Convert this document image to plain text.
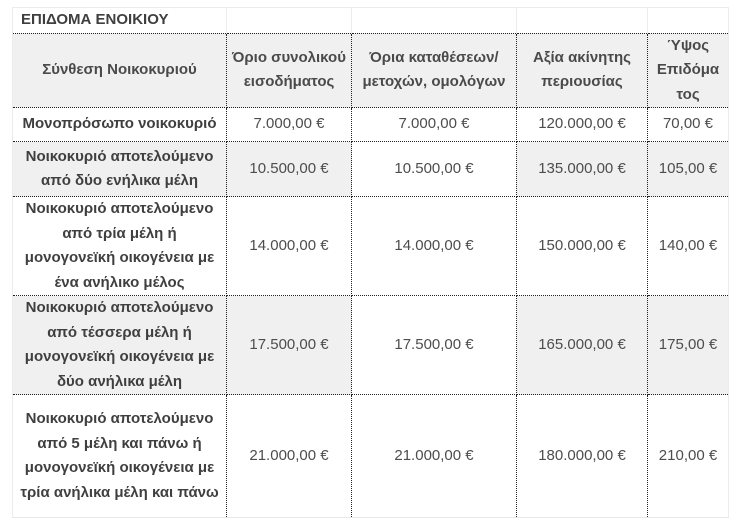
ΕΠΙΔΟΜΑ ΕΝΟΙΚΙΟΥ				
Σύνθεση Νοικοκυριού	Όριο συνολικού εισοδήματος	Όρια καταθέσεων/ μετοχών, ομολόγων	Αξία ακίνητης περιουσίας	Ύψος Επιδόμα τος
Μονοπρόσωπο νοικοκυριό	7.000,00 €	7.000,00 €	120.000,00 €	70,00 €
Νοικοκυριό αποτελούμενο από δύο ενήλικα μέλη	10.500,00 €	10.500,00 €	135.000,00 €	105,00 €
Νοικοκυριό αποτελούμενο από τρία μέλη ή μονογονεϊκή οικογένεια με ένα ανήλικο μέλος	14.000,00 €	14.000,00 €	150.000,00 €	140,00 €
Νοικοκυριό αποτελούμενο από τέσσερα μέλη ή μονογονεϊκή οικογένεια με δύο ανήλικα μέλη	17.500,00 €	17.500,00 €	165.000,00 €	175,00 €
Νοικοκυριό αποτελούμενο από 5 μέλη και πάνω ή μονογονεϊκή οικογένεια με τρία ανήλικα μέλη και πάνω	21.000,00 €	21.000,00 €	180.000,00 €	210,00 €
